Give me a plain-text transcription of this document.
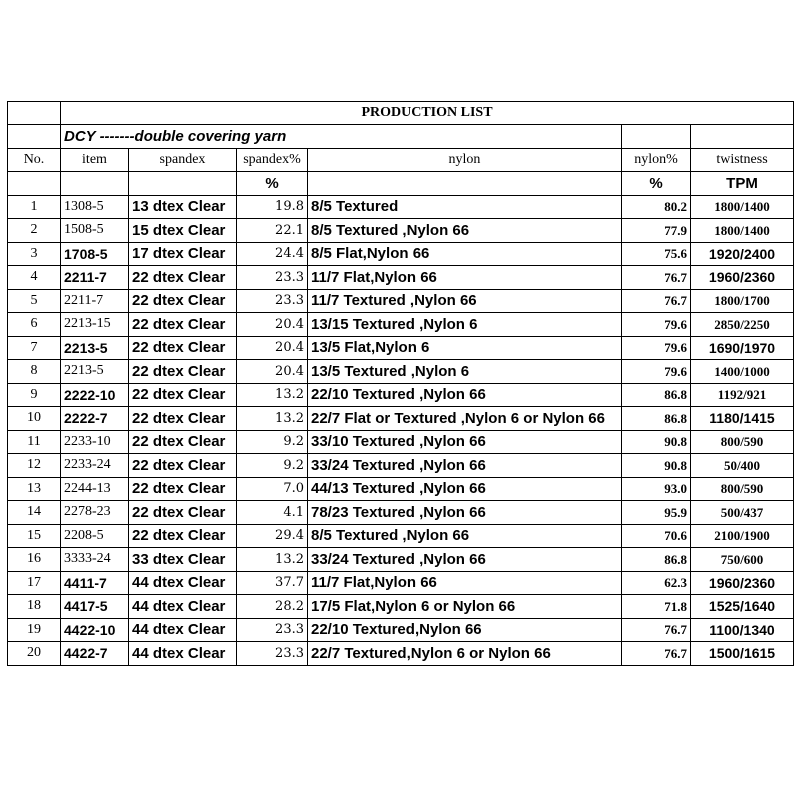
	PRODUCTION LIST					
	DCY -------double covering yarn					
No.	item	spandex	spandex%	nylon	nylon%	twistness
			%		%	TPM
1	1308-5	13 dtex Clear	19.8	8/5 Textured	80.2	1800/1400
2	1508-5	15 dtex Clear	22.1	8/5 Textured ,Nylon 66	77.9	1800/1400
3	1708-5	17 dtex Clear	24.4	8/5 Flat,Nylon 66	75.6	1920/2400
4	2211-7	22 dtex Clear	23.3	11/7 Flat,Nylon 66	76.7	1960/2360
5	2211-7	22 dtex Clear	23.3	11/7 Textured ,Nylon 66	76.7	1800/1700
6	2213-15	22 dtex Clear	20.4	13/15 Textured ,Nylon 6	79.6	2850/2250
7	2213-5	22 dtex Clear	20.4	13/5 Flat,Nylon 6	79.6	1690/1970
8	2213-5	22 dtex Clear	20.4	13/5 Textured ,Nylon 6	79.6	1400/1000
9	2222-10	22 dtex Clear	13.2	22/10 Textured ,Nylon 66	86.8	1192/921
10	2222-7	22 dtex Clear	13.2	22/7 Flat or Textured ,Nylon 6 or Nylon 66	86.8	1180/1415
11	2233-10	22 dtex Clear	9.2	33/10 Textured ,Nylon 66	90.8	800/590
12	2233-24	22 dtex Clear	9.2	33/24 Textured ,Nylon 66	90.8	50/400
13	2244-13	22 dtex Clear	7.0	44/13 Textured ,Nylon 66	93.0	800/590
14	2278-23	22 dtex Clear	4.1	78/23 Textured ,Nylon 66	95.9	500/437
15	2208-5	22 dtex Clear	29.4	8/5 Textured ,Nylon 66	70.6	2100/1900
16	3333-24	33 dtex Clear	13.2	33/24 Textured ,Nylon 66	86.8	750/600
17	4411-7	44 dtex Clear	37.7	11/7 Flat,Nylon 66	62.3	1960/2360
18	4417-5	44 dtex Clear	28.2	17/5 Flat,Nylon 6 or Nylon 66	71.8	1525/1640
19	4422-10	44 dtex Clear	23.3	22/10 Textured,Nylon 66	76.7	1100/1340
20	4422-7	44 dtex Clear	23.3	22/7 Textured,Nylon 6 or Nylon 66	76.7	1500/1615
